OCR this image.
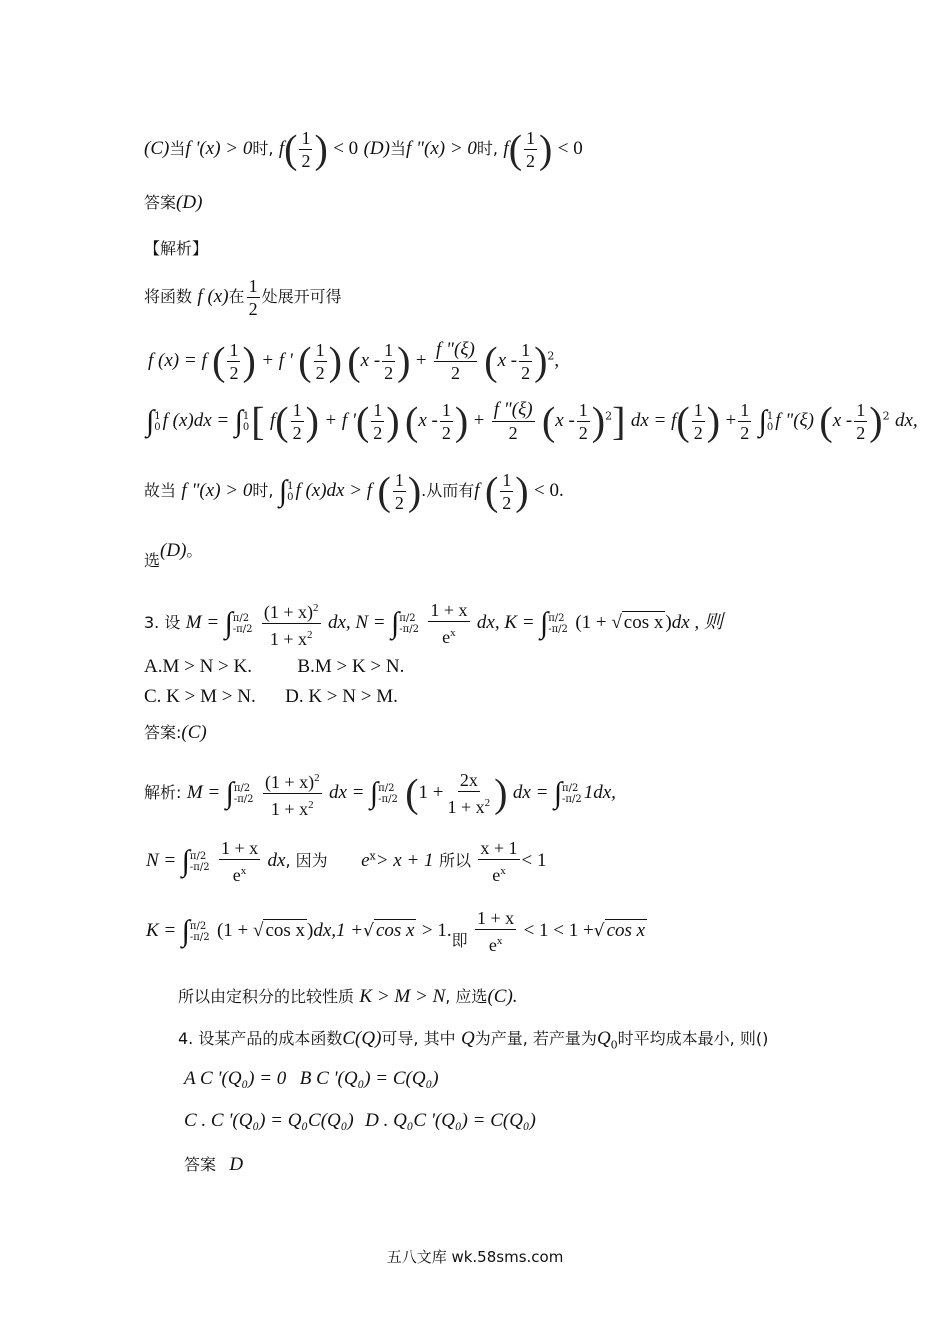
(C)当f '(x) > 0时, $f( \frac{1}{2}$ ) < 0 (D)当f "(x) > 0时, $f( \frac{1}{2}$ ) < 0
答案(D)
【解析】
将函数 f (x)在 $\frac{1}{2}$ 处展开可得
f (x) = f ( $\frac{1}{2}$ ) + f ' ( $\frac{1}{2}$ ) ($x - \frac{1}{2}$ ) + $\frac{f "(\xi)}{2} (x - \frac{1}{2} )^2$,
∫ 1
0 f (x)dx = ∫ 1
0 [ $f( \frac{1}{2}$ ) + f '( $\frac{1}{2}$ ) ($x - \frac{1}{2}$ ) + $\frac{f "(\xi)}{2} (x - \frac{1}{2} )^2$] dx = $f( \frac{1}{2}$ ) + $\frac{1}{2}$ ∫ 1
0 f "(ξ) $(x - \frac{1}{2} )^2$ dx,
故当 f "(x) > 0时, ∫ 1
0 f (x)dx > f ( $\frac{1}{2}$ ).从而有f ( $\frac{1}{2}$ ) < 0.
选(D)。
3. 设 M = ∫ π/2
-π/2
$\frac{(1 + x)^2}{1 + x^2}$ dx, N = ∫ π/2
-π/2
$\frac{1 + x}{e^x}$ dx, K = ∫ π/2
-π/2 (1 + √ cos x )dx , 则
A.M > N > K. B.M > K > N.
C. K > M > N. D. K > N > M.
答案:(C)
解析: M = ∫ π/2
-π/2
$\frac{(1 + x)^2}{1 + x^2}$ dx = ∫ π/2
-π/2 ($1 + \frac{2x}{1 + x^2}$ ) dx = ∫ π/2
-π/2 1dx,
N = ∫ π/2
-π/2
$\frac{1 + x}{e^x}$ dx, 因为 $e^x> x + 1$ 所以 $\frac{x + 1}{e^x} < 1$
K = ∫ π/2
-π/2 (1 + √ cos x )dx,1 +√ cos x > 1.即 $\frac{1 + x}{e^x} < 1 < 1$ +√ cos x
所以由定积分的比较性质 K > M > N, 应选(C).
4. 设某产品的成本函数C(Q)可导, 其中 Q为产量, 若产量为$Q_0$时平均成本最小, 则()
A C '(Q₀) = 0 B C '(Q₀) = C(Q₀)
C . C '(Q₀) = Q₀C(Q₀) D . Q₀C '(Q₀) = C(Q₀)
答案 D
五八文库 wk.58sms.com
